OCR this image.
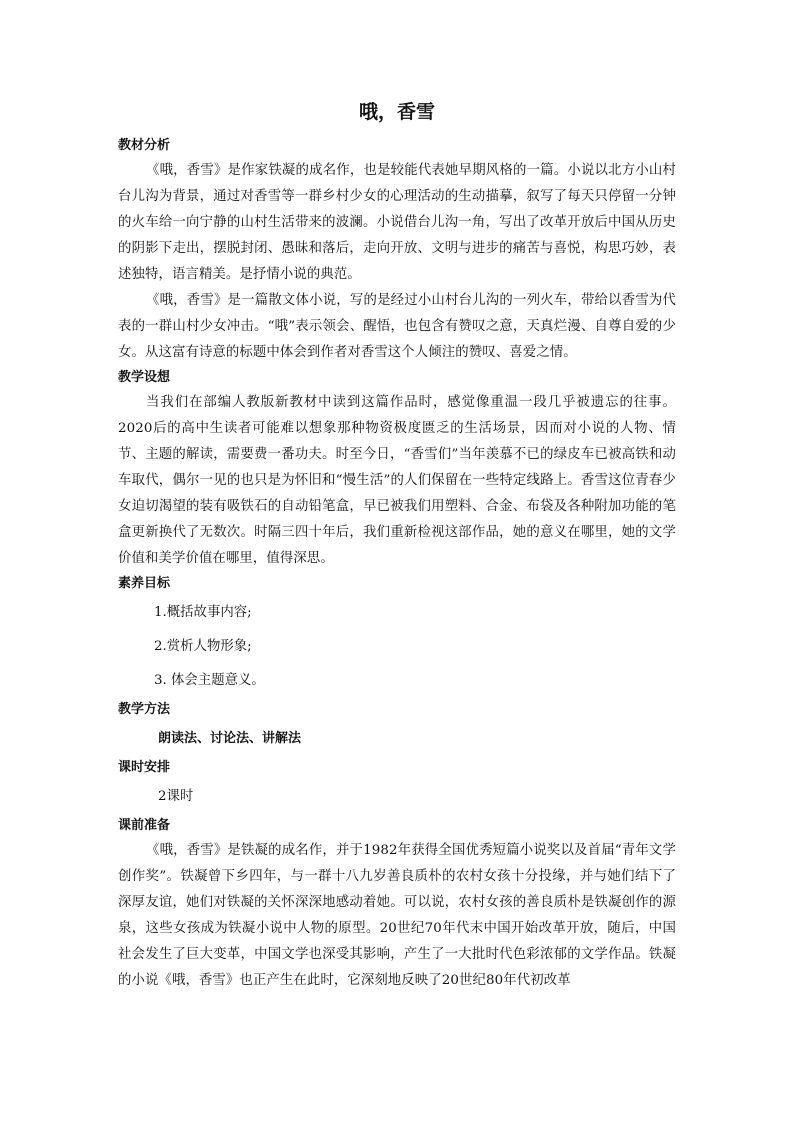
哦，香雪
教材分析

《哦，香雪》是作家铁凝的成名作，也是较能代表她早期风格的一篇。小说以北方小山村台儿沟为背景，通过对香雪等一群乡村少女的心理活动的生动描摹，叙写了每天只停留一分钟的火车给一向宁静的山村生活带来的波澜。小说借台儿沟一角，写出了改革开放后中国从历史的阴影下走出，摆脱封闭、愚昧和落后，走向开放、文明与进步的痛苦与喜悦，构思巧妙，表述独特，语言精美。是抒情小说的典范。

《哦，香雪》是一篇散文体小说，写的是经过小山村台儿沟的一列火车，带给以香雪为代表的一群山村少女冲击。“哦”表示领会、醒悟，也包含有赞叹之意，天真烂漫、自尊自爱的少女。从这富有诗意的标题中体会到作者对香雪这个人倾注的赞叹、喜爱之情。

教学设想

当我们在部编人教版新教材中读到这篇作品时，感觉像重温一段几乎被遗忘的往事。2020后的高中生读者可能难以想象那种物资极度匮乏的生活场景，因而对小说的人物、情节、主题的解读，需要费一番功夫。时至今日，“香雪们”当年羡慕不已的绿皮车已被高铁和动车取代，偶尔一见的也只是为怀旧和“慢生活”的人们保留在一些特定线路上。香雪这位青春少女迫切渴望的装有吸铁石的自动铅笔盒，早已被我们用塑料、合金、布袋及各种附加功能的笔盒更新换代了无数次。时隔三四十年后，我们重新检视这部作品，她的意义在哪里，她的文学价值和美学价值在哪里，值得深思。

素养目标

1.概括故事内容;

2.赏析人物形象;

3. 体会主题意义。

教学方法

朗读法、讨论法、讲解法

课时安排

2课时

课前准备

《哦，香雪》是铁凝的成名作，并于1982年获得全国优秀短篇小说奖以及首届“青年文学创作奖”。铁凝曾下乡四年，与一群十八九岁善良质朴的农村女孩十分投缘，并与她们结下了深厚友谊，她们对铁凝的关怀深深地感动着她。可以说，农村女孩的善良质朴是铁凝创作的源泉，这些女孩成为铁凝小说中人物的原型。20世纪70年代末中国开始改革开放，随后，中国社会发生了巨大变革，中国文学也深受其影响，产生了一大批时代色彩浓郁的文学作品。铁凝的小说《哦，香雪》也正产生在此时，它深刻地反映了20世纪80年代初改革
